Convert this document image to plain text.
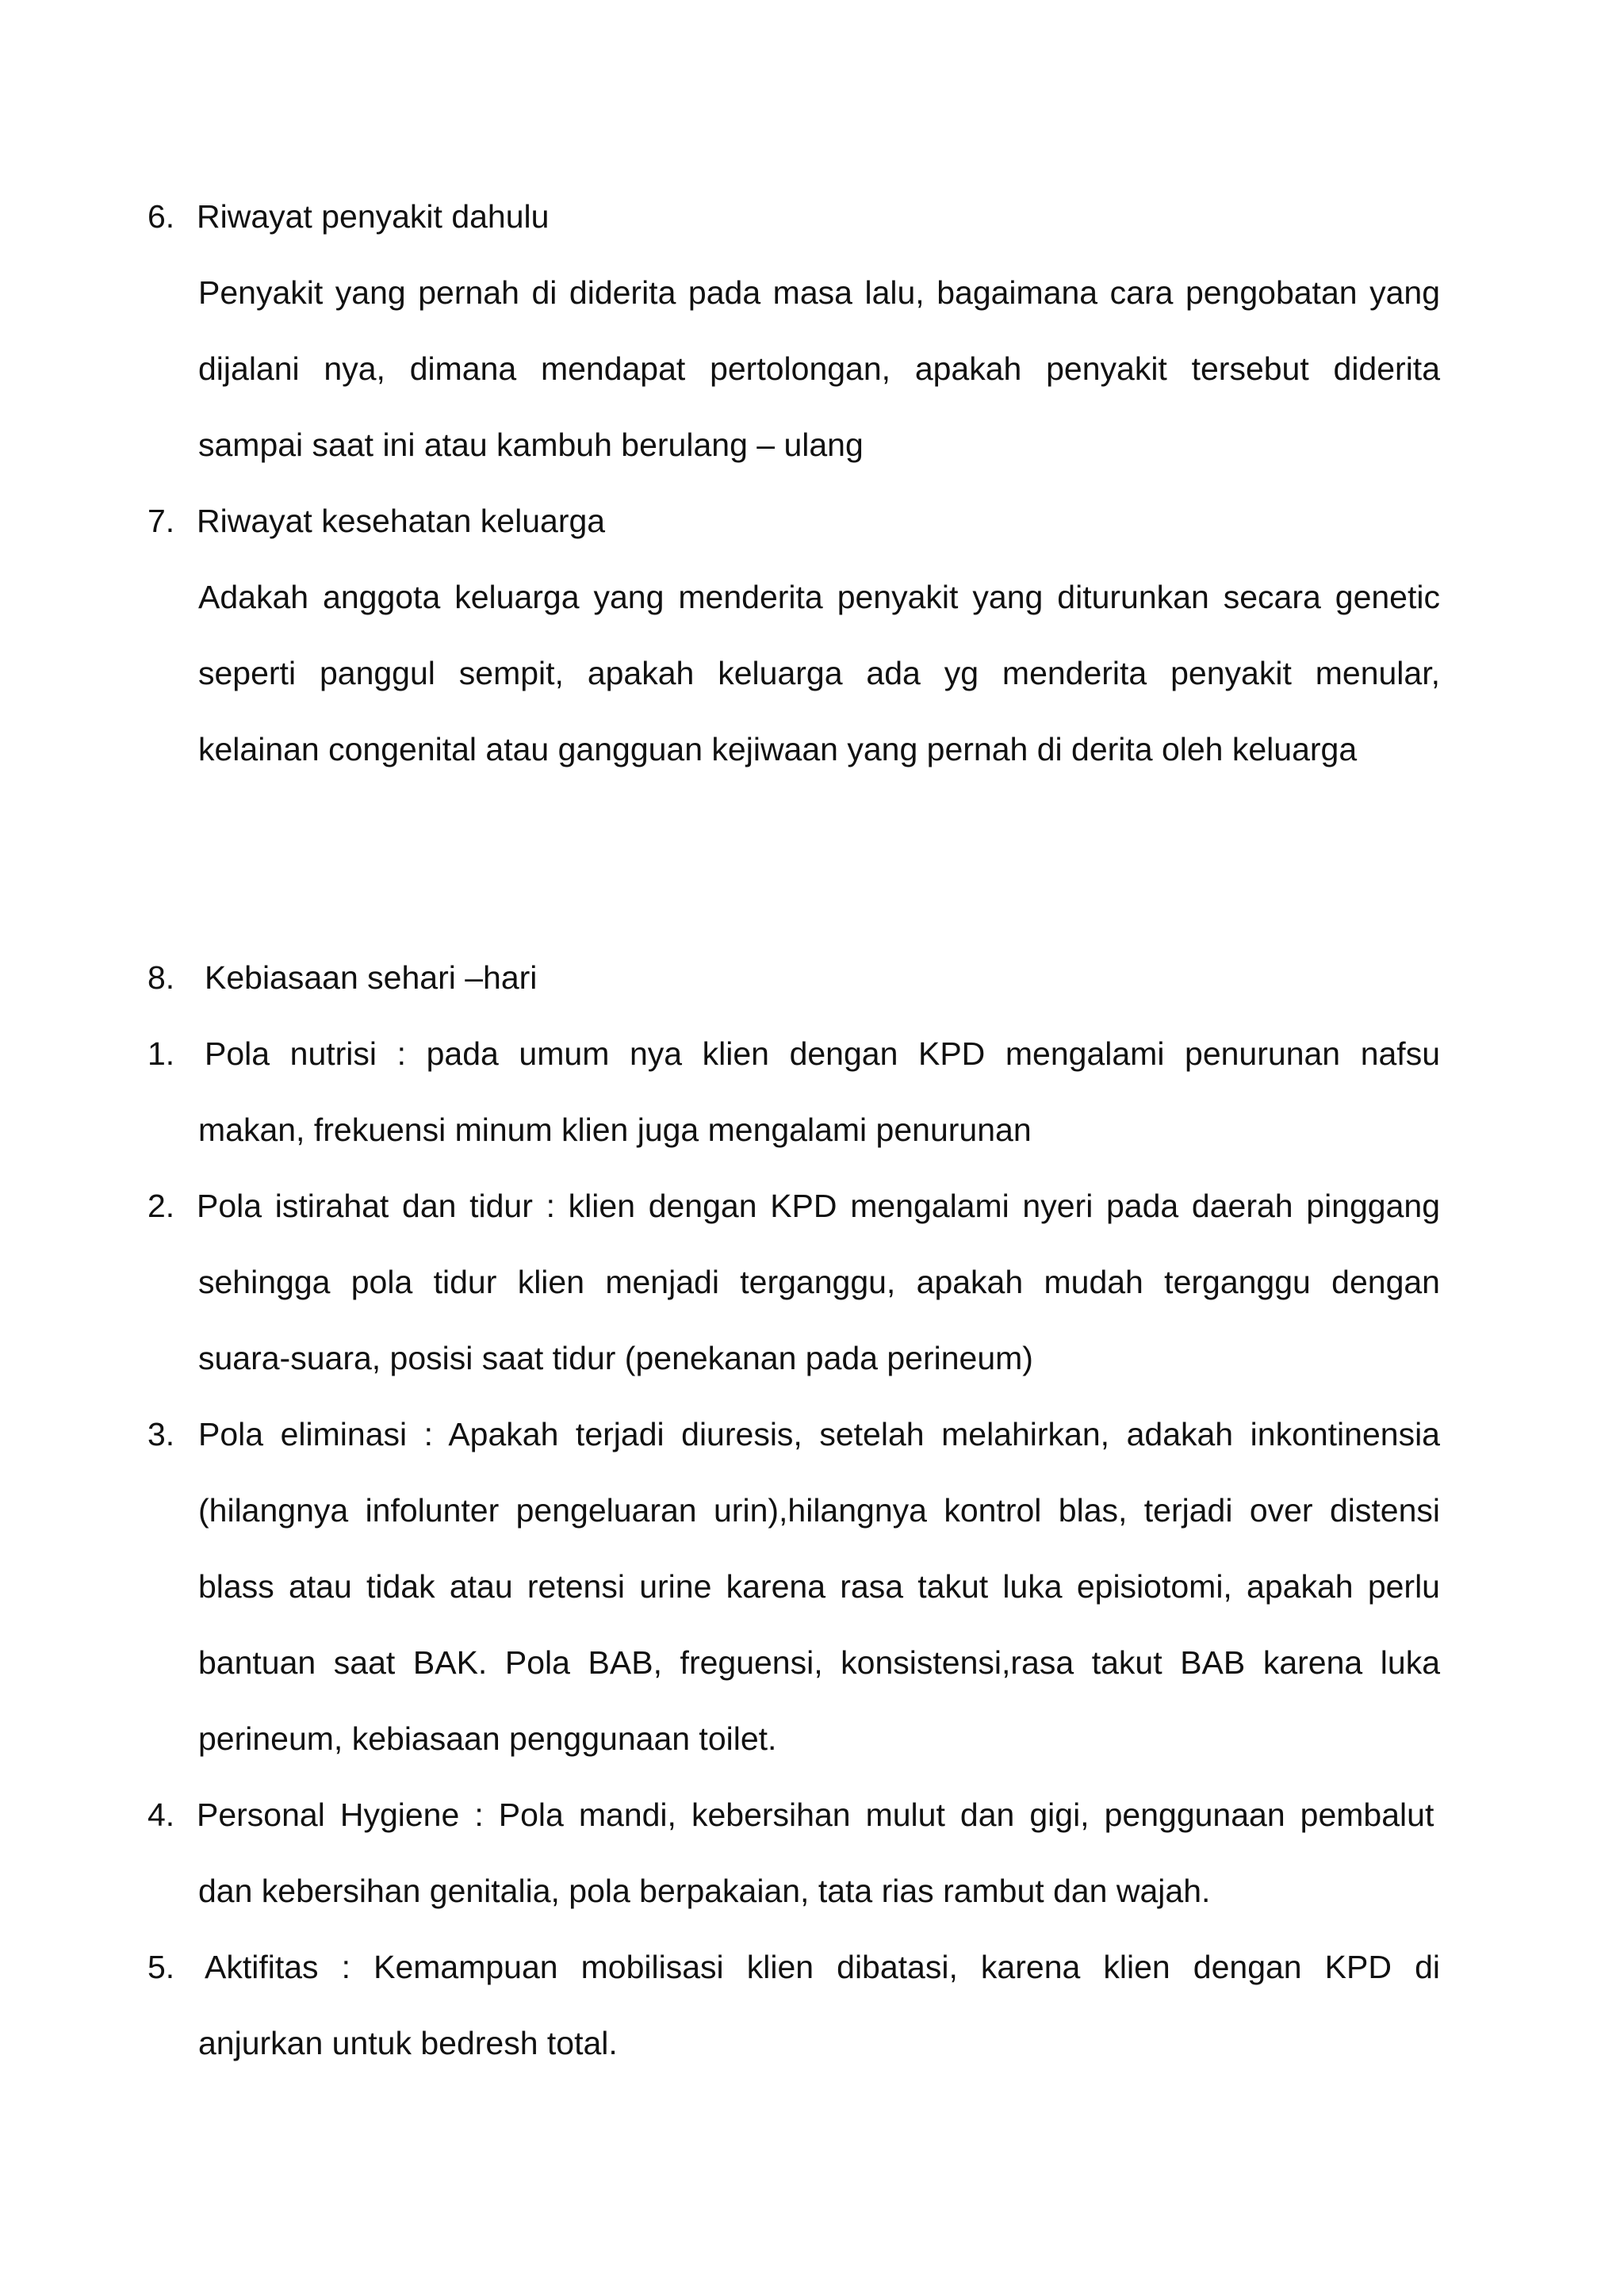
6. Riwayat penyakit dahulu
Penyakit yang pernah di diderita pada masa lalu, bagaimana cara pengobatan yang
dijalani nya, dimana mendapat pertolongan, apakah penyakit tersebut diderita
sampai saat ini atau kambuh berulang – ulang
7. Riwayat kesehatan keluarga
Adakah anggota keluarga yang menderita penyakit yang diturunkan secara genetic
seperti panggul sempit, apakah keluarga ada yg menderita penyakit menular,
kelainan congenital atau gangguan kejiwaan yang pernah di derita oleh keluarga
8. Kebiasaan sehari –hari
1. Pola nutrisi : pada umum nya klien dengan KPD mengalami penurunan nafsu
makan, frekuensi minum klien juga mengalami penurunan
2. Pola istirahat dan tidur : klien dengan KPD mengalami nyeri pada daerah pinggang
sehingga pola tidur klien menjadi terganggu, apakah mudah terganggu dengan
suara-suara, posisi saat tidur (penekanan pada perineum)
3. Pola eliminasi : Apakah terjadi diuresis, setelah melahirkan, adakah inkontinensia
(hilangnya infolunter pengeluaran urin),hilangnya kontrol blas, terjadi over distensi
blass atau tidak atau retensi urine karena rasa takut luka episiotomi, apakah perlu
bantuan saat BAK. Pola BAB, freguensi, konsistensi,rasa takut BAB karena luka
perineum, kebiasaan penggunaan toilet.
4. Personal Hygiene : Pola mandi, kebersihan mulut dan gigi, penggunaan pembalut
dan kebersihan genitalia, pola berpakaian, tata rias rambut dan wajah.
5. Aktifitas : Kemampuan mobilisasi klien dibatasi, karena klien dengan KPD di
anjurkan untuk bedresh total.
